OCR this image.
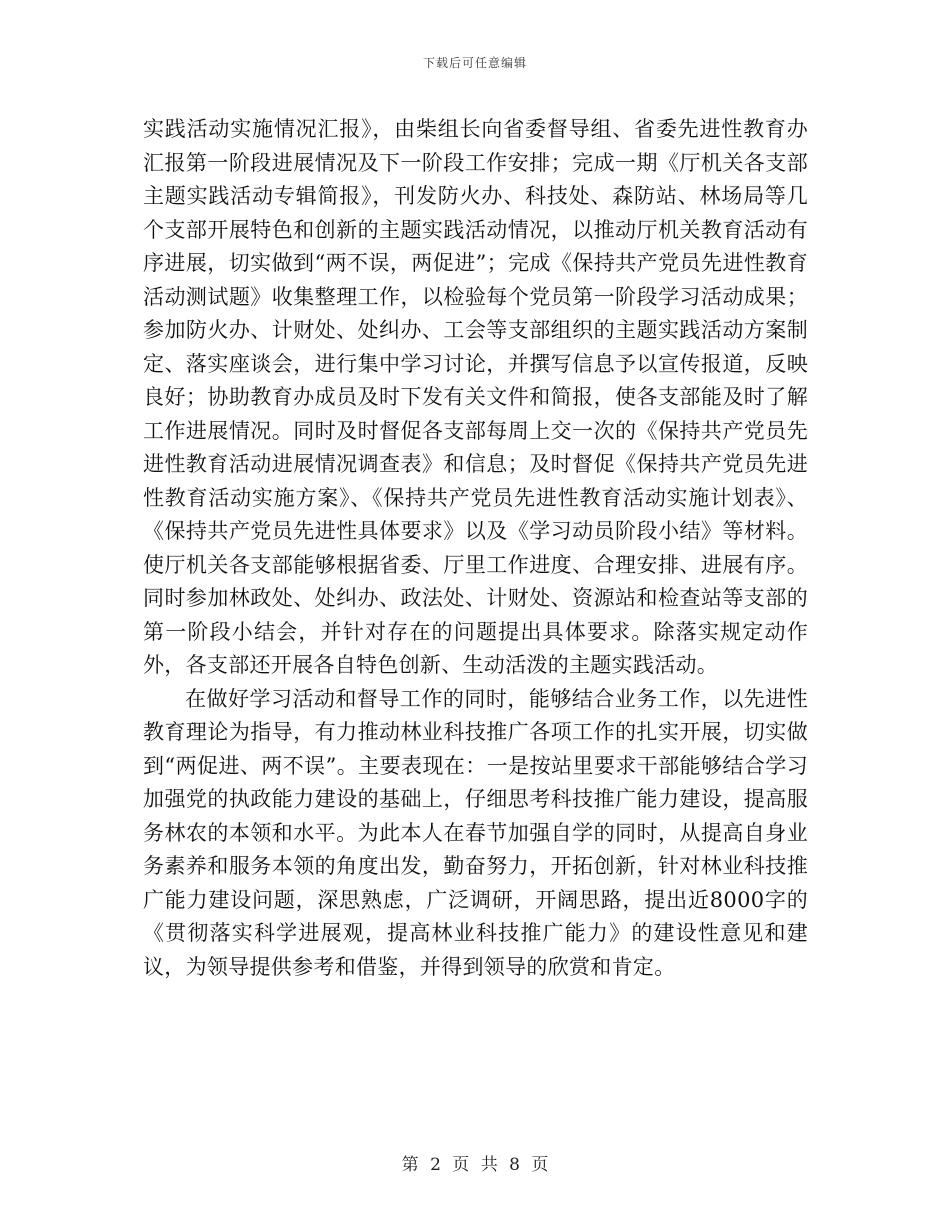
下载后可任意编辑

实践活动实施情况汇报》，由柴组长向省委督导组、省委先进性教育办汇报第一阶段进展情况及下一阶段工作安排；完成一期《厅机关各支部主题实践活动专辑简报》，刊发防火办、科技处、森防站、林场局等几个支部开展特色和创新的主题实践活动情况，以推动厅机关教育活动有序进展，切实做到“两不误，两促进”；完成《保持共产党员先进性教育活动测试题》收集整理工作，以检验每个党员第一阶段学习活动成果；参加防火办、计财处、处纠办、工会等支部组织的主题实践活动方案制定、落实座谈会，进行集中学习讨论，并撰写信息予以宣传报道，反映良好；协助教育办成员及时下发有关文件和简报，使各支部能及时了解工作进展情况。同时及时督促各支部每周上交一次的《保持共产党员先进性教育活动进展情况调查表》和信息；及时督促《保持共产党员先进性教育活动实施方案》、《保持共产党员先进性教育活动实施计划表》、《保持共产党员先进性具体要求》以及《学习动员阶段小结》等材料。使厅机关各支部能够根据省委、厅里工作进度、合理安排、进展有序。同时参加林政处、处纠办、政法处、计财处、资源站和检查站等支部的第一阶段小结会，并针对存在的问题提出具体要求。除落实规定动作外，各支部还开展各自特色创新、生动活泼的主题实践活动。

在做好学习活动和督导工作的同时，能够结合业务工作，以先进性教育理论为指导，有力推动林业科技推广各项工作的扎实开展，切实做到“两促进、两不误”。主要表现在：一是按站里要求干部能够结合学习加强党的执政能力建设的基础上，仔细思考科技推广能力建设，提高服务林农的本领和水平。为此本人在春节加强自学的同时，从提高自身业务素养和服务本领的角度出发，勤奋努力，开拓创新，针对林业科技推广能力建设问题，深思熟虑，广泛调研，开阔思路，提出近8000字的《贯彻落实科学进展观，提高林业科技推广能力》的建设性意见和建议，为领导提供参考和借鉴，并得到领导的欣赏和肯定。

第 2 页 共 8 页
